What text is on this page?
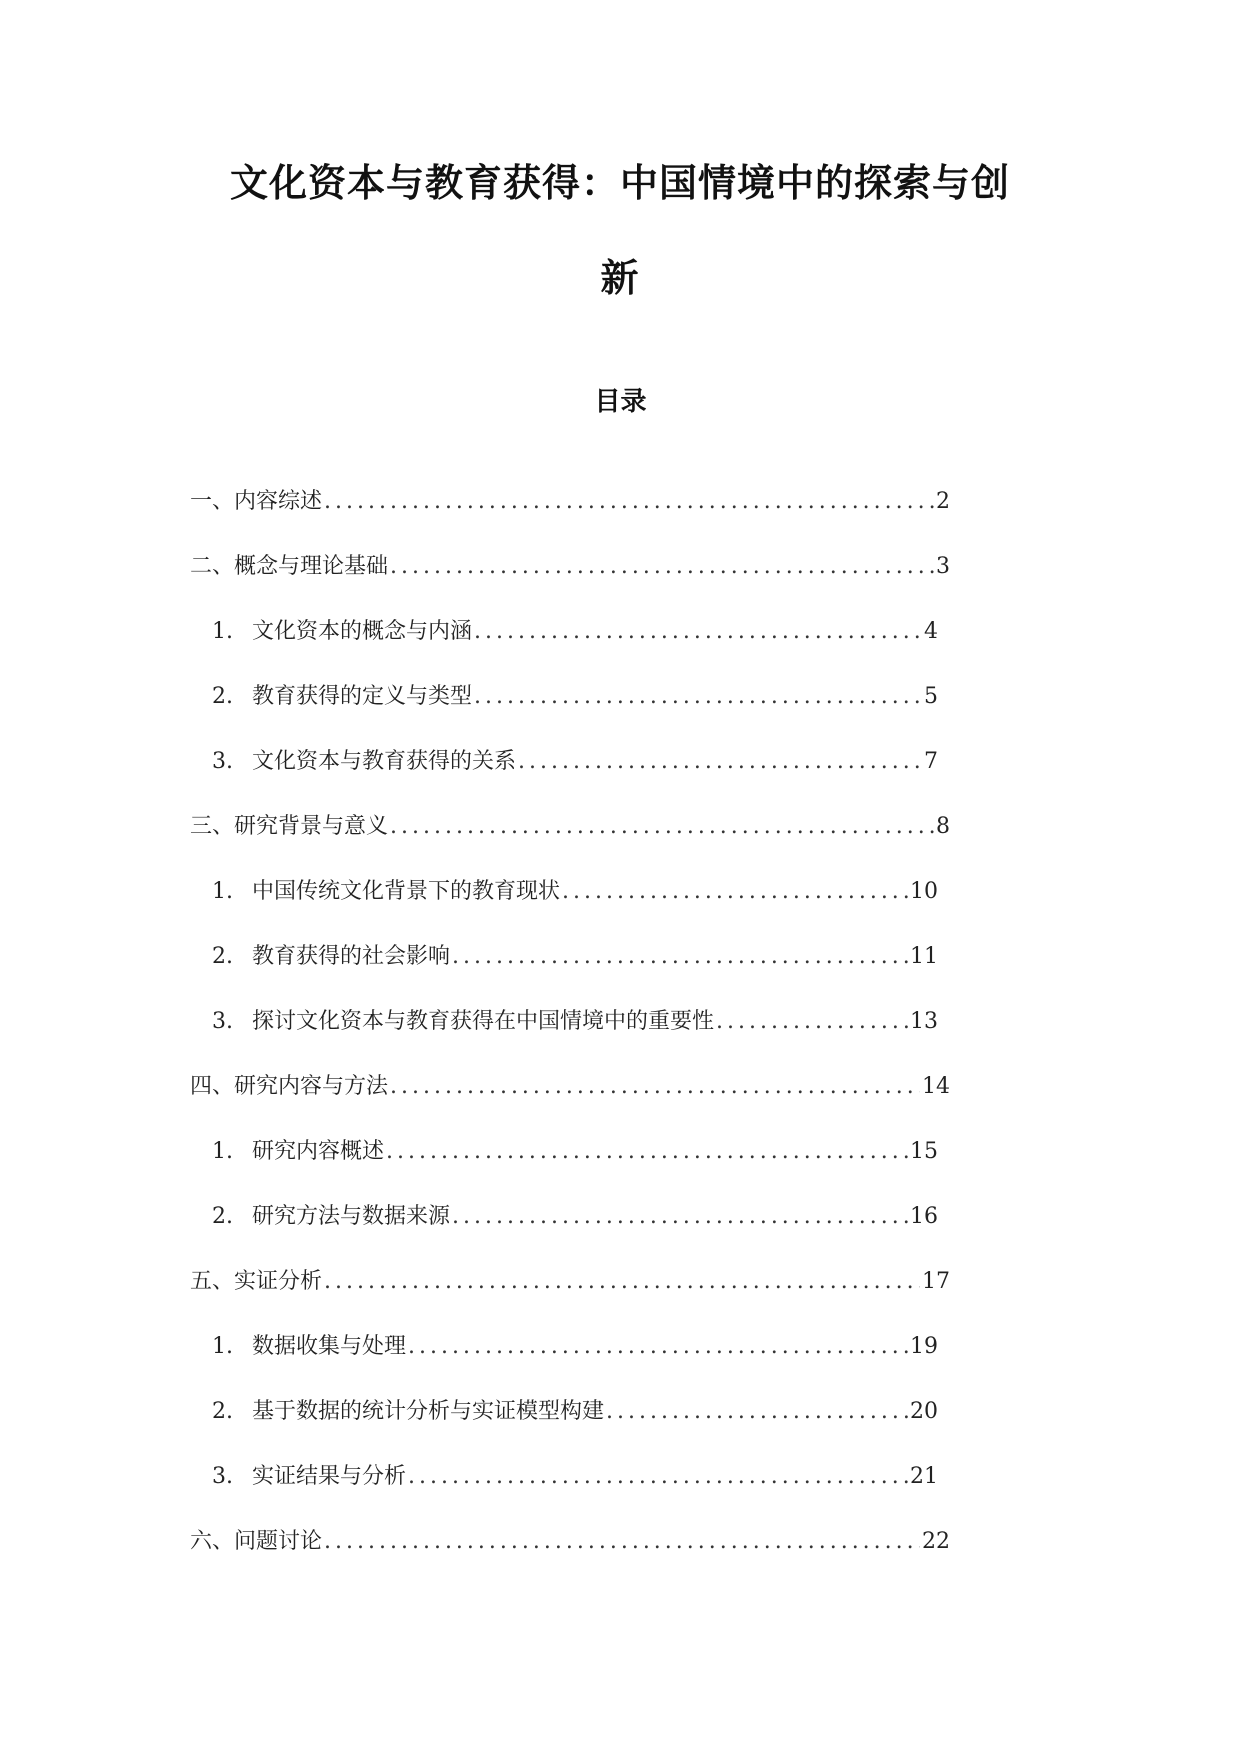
文化资本与教育获得：中国情境中的探索与创
新
目录
一、内容综述 .....	2
二、概念与理论基础 .....	3
1. 文化资本的概念与内涵 .....	4
2. 教育获得的定义与类型 .....	5
3. 文化资本与教育获得的关系 .....	7
三、研究背景与意义 .....	8
1. 中国传统文化背景下的教育现状 .....	10
2. 教育获得的社会影响 .....	11
3. 探讨文化资本与教育获得在中国情境中的重要性 .....	13
四、研究内容与方法 .....	14
1. 研究内容概述 .....	15
2. 研究方法与数据来源 .....	16
五、实证分析 .....	17
1. 数据收集与处理 .....	19
2. 基于数据的统计分析与实证模型构建 .....	20
3. 实证结果与分析 .....	21
六、问题讨论 .....	22
